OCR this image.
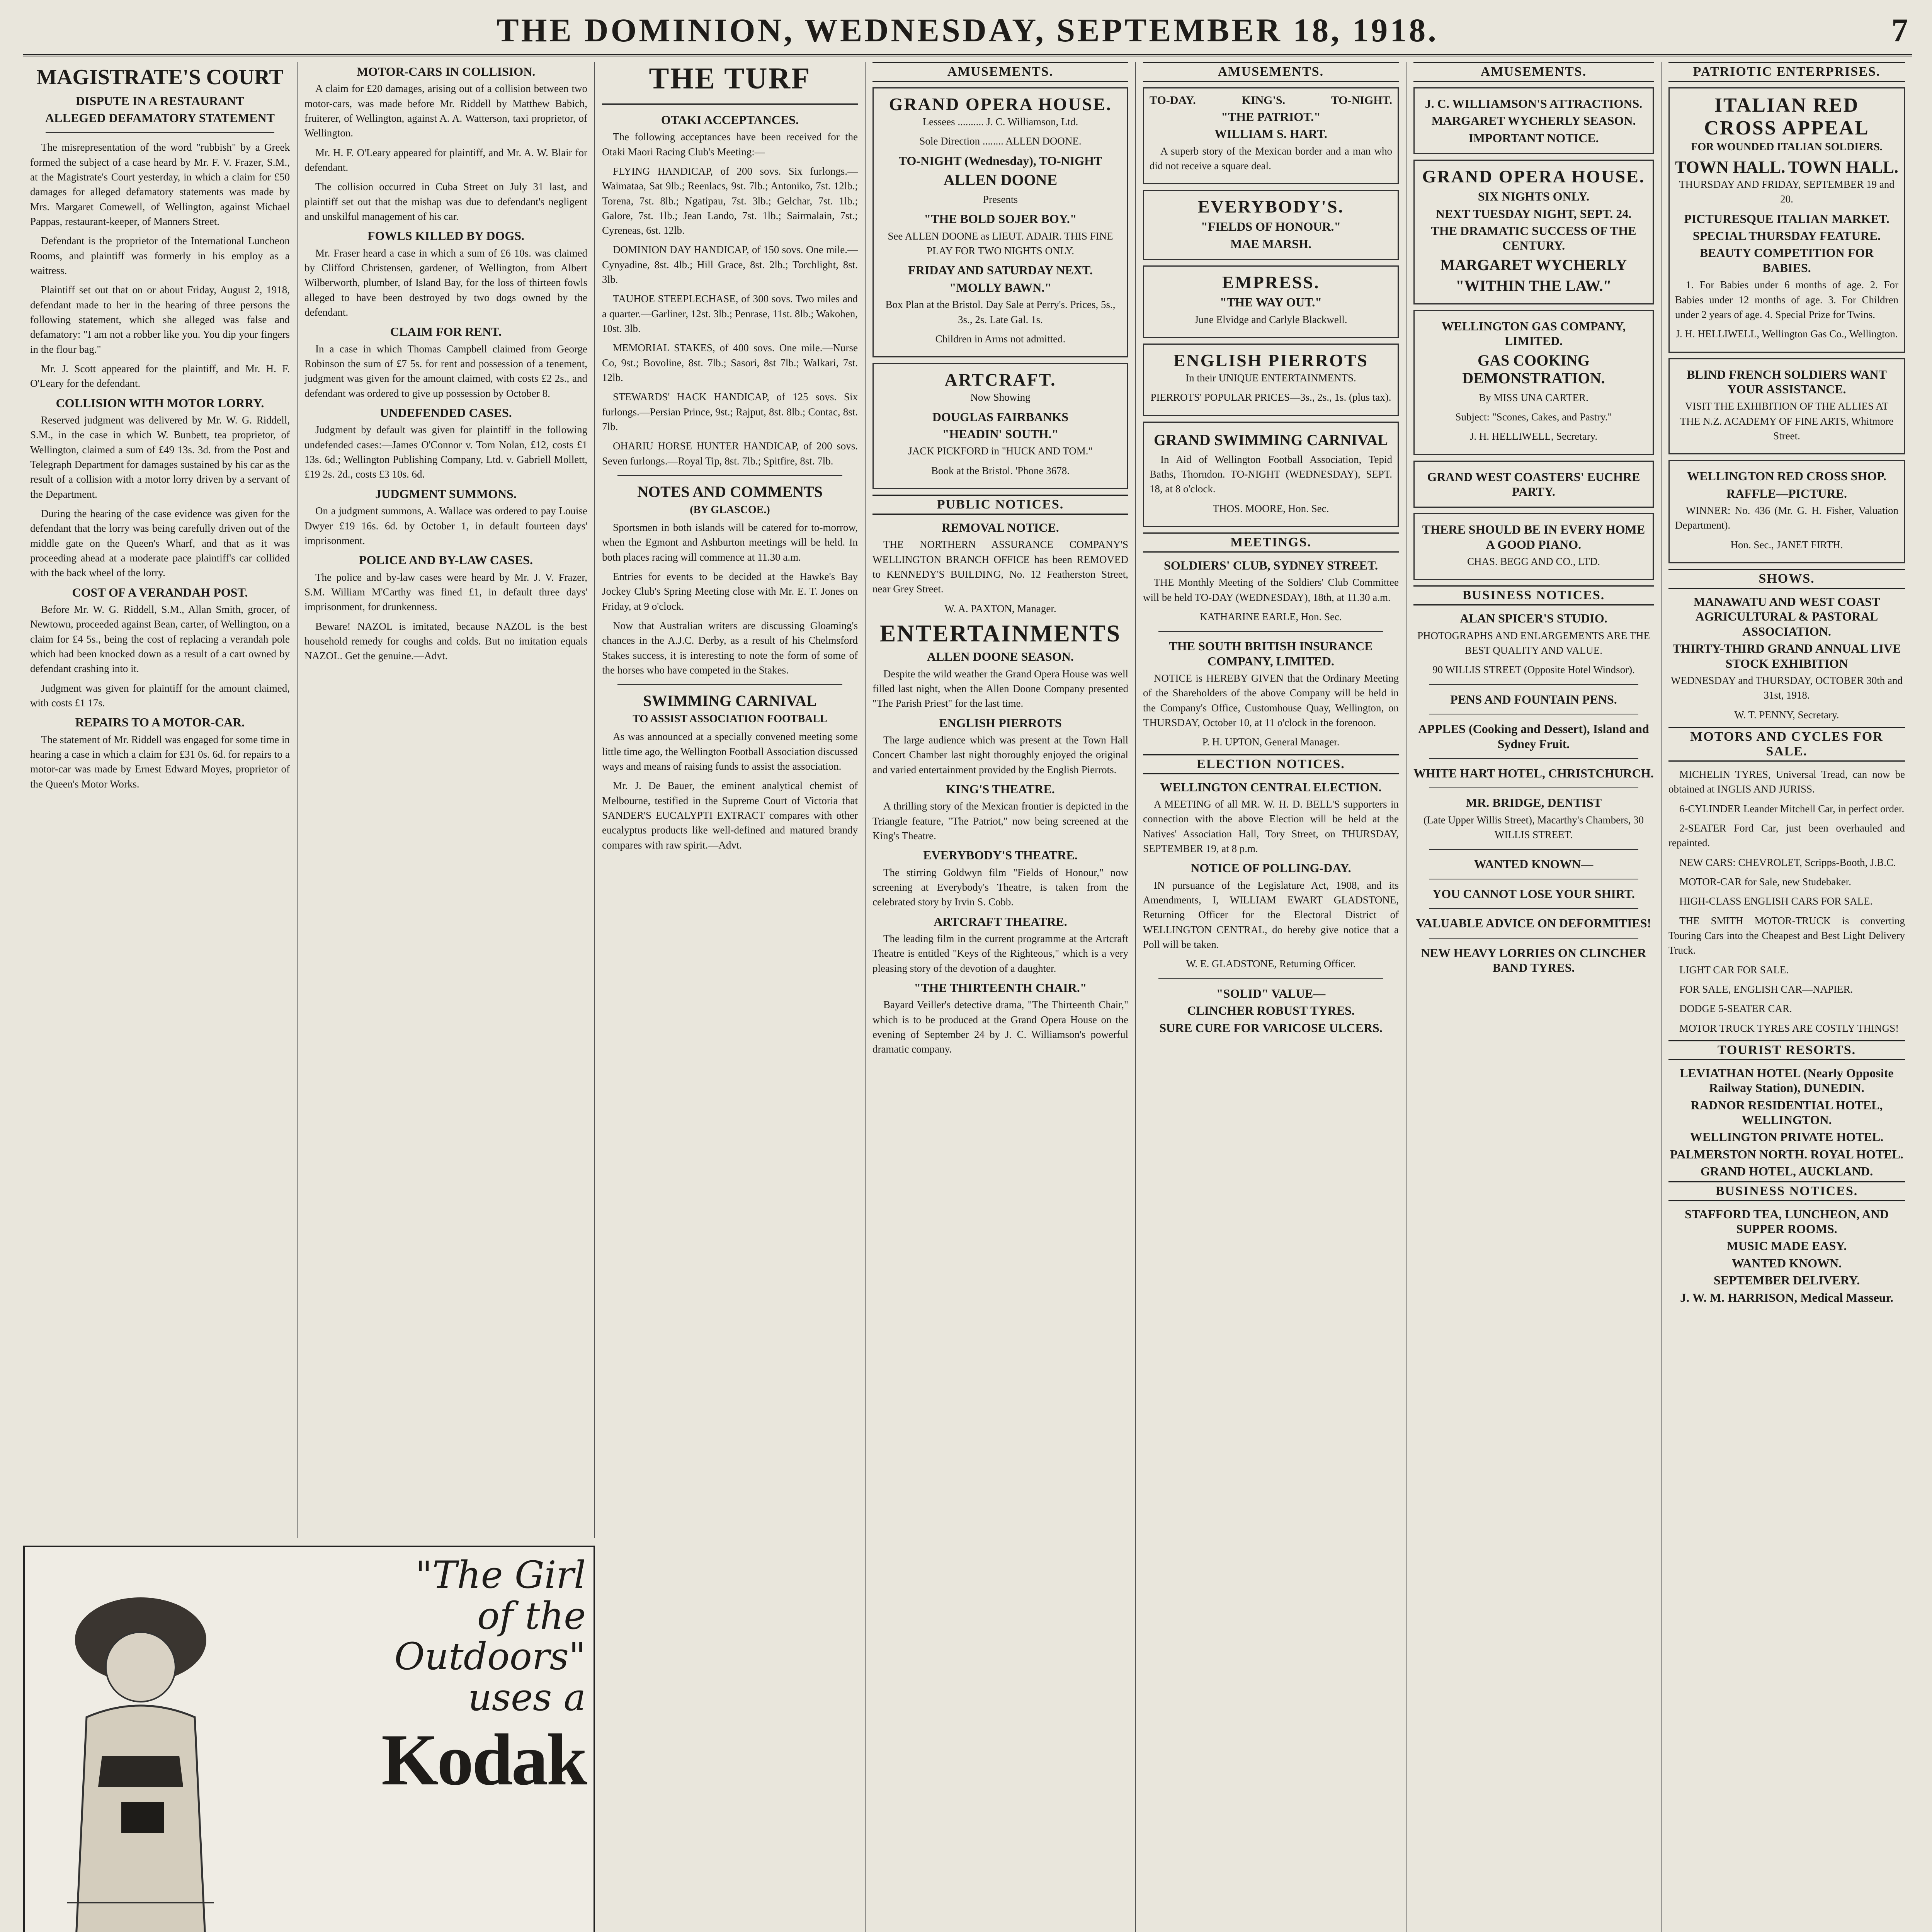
THE DOMINION, WEDNESDAY, SEPTEMBER 18, 1918.	7
MAGISTRATE'S COURT
DISPUTE IN A RESTAURANT
ALLEGED DEFAMATORY STATEMENT

The misrepresentation of the word "rubbish" by a Greek formed the subject of a case heard by Mr. F. V. Frazer, S.M., at the Magistrate's Court yesterday, in which a claim for £50 damages for alleged defamatory statements was made by Mrs. Margaret Comewell, of Wellington, against Michael Pappas, restaurant-keeper, of Manners Street.

Defendant is the proprietor of the International Luncheon Rooms, and plaintiff was formerly in his employ as a waitress.

Plaintiff set out that on or about Friday, August 2, 1918, defendant made to her in the hearing of three persons the following statement, which she alleged was false and defamatory: "I am not a robber like you. You dip your fingers in the flour bag."

Mr. J. Scott appeared for the plaintiff, and Mr. H. F. O'Leary for the defendant.

COLLISION WITH MOTOR LORRY.

Reserved judgment was delivered by Mr. W. G. Riddell, S.M., in the case in which W. Bunbett, tea proprietor, of Wellington, claimed a sum of £49 13s. 3d. from the Post and Telegraph Department for damages sustained by his car as the result of a collision with a motor lorry driven by a servant of the Department.

During the hearing of the case evidence was given for the defendant that the lorry was being carefully driven out of the middle gate on the Queen's Wharf, and that as it was proceeding ahead at a moderate pace plaintiff's car collided with the back wheel of the lorry.

COST OF A VERANDAH POST.

Before Mr. W. G. Riddell, S.M., Allan Smith, grocer, of Newtown, proceeded against Bean, carter, of Wellington, on a claim for £4 5s., being the cost of replacing a verandah pole which had been knocked down as a result of a cart owned by defendant crashing into it.

Judgment was given for plaintiff for the amount claimed, with costs £1 17s.

REPAIRS TO A MOTOR-CAR.

The statement of Mr. Riddell was engaged for some time in hearing a case in which a claim for £31 0s. 6d. for repairs to a motor-car was made by Ernest Edward Moyes, proprietor of the Queen's Motor Works.

"The Girl
of the
Outdoors"
uses a
Kodak

MOTOR-CARS IN COLLISION.

A claim for £20 damages, arising out of a collision between two motor-cars, was made before Mr. Riddell by Matthew Babich, fruiterer, of Wellington, against A. A. Watterson, taxi proprietor, of Wellington.

Mr. H. F. O'Leary appeared for plaintiff, and Mr. A. W. Blair for defendant.

The collision occurred in Cuba Street on July 31 last, and plaintiff set out that the mishap was due to defendant's negligent and unskilful management of his car.

FOWLS KILLED BY DOGS.

Mr. Fraser heard a case in which a sum of £6 10s. was claimed by Clifford Christensen, gardener, of Wellington, from Albert Wilberworth, plumber, of Island Bay, for the loss of thirteen fowls alleged to have been destroyed by two dogs owned by the defendant.

CLAIM FOR RENT.

In a case in which Thomas Campbell claimed from George Robinson the sum of £7 5s. for rent and possession of a tenement, judgment was given for the amount claimed, with costs £2 2s., and defendant was ordered to give up possession by October 8.

UNDEFENDED CASES.

Judgment by default was given for plaintiff in the following undefended cases:—James O'Connor v. Tom Nolan, £12, costs £1 13s. 6d.; Wellington Publishing Company, Ltd. v. Gabriell Mollett, £19 2s. 2d., costs £3 10s. 6d.

JUDGMENT SUMMONS.

On a judgment summons, A. Wallace was ordered to pay Louise Dwyer £19 16s. 6d. by October 1, in default fourteen days' imprisonment.

POLICE AND BY-LAW CASES.

The police and by-law cases were heard by Mr. J. V. Frazer, S.M. William M'Carthy was fined £1, in default three days' imprisonment, for drunkenness.

Beware! NAZOL is imitated, because NAZOL is the best household remedy for coughs and colds. But no imitation equals NAZOL. Get the genuine.—Advt.

THE TURF
OTAKI ACCEPTANCES.

The following acceptances have been received for the Otaki Maori Racing Club's Meeting:—

FLYING HANDICAP, of 200 sovs. Six furlongs.—Waimataa, Sat 9lb.; Reenlacs, 9st. 7lb.; Antoniko, 7st. 12lb.; Torena, 7st. 8lb.; Ngatipau, 7st. 3lb.; Gelchar, 7st. 1lb.; Galore, 7st. 1lb.; Jean Lando, 7st. 1lb.; Sairmalain, 7st.; Cyreneas, 6st. 12lb.

DOMINION DAY HANDICAP, of 150 sovs. One mile.—Cynyadine, 8st. 4lb.; Hill Grace, 8st. 2lb.; Torchlight, 8st. 3lb.

TAUHOE STEEPLECHASE, of 300 sovs. Two miles and a quarter.—Garliner, 12st. 3lb.; Penrase, 11st. 8lb.; Wakohen, 10st. 3lb.

MEMORIAL STAKES, of 400 sovs. One mile.—Nurse Co, 9st.; Bovoline, 8st. 7lb.; Sasori, 8st 7lb.; Walkari, 7st. 12lb.

STEWARDS' HACK HANDICAP, of 125 sovs. Six furlongs.—Persian Prince, 9st.; Rajput, 8st. 8lb.; Contac, 8st. 7lb.

OHARIU HORSE HUNTER HANDICAP, of 200 sovs. Seven furlongs.—Royal Tip, 8st. 7lb.; Spitfire, 8st. 7lb.

NOTES AND COMMENTS
(BY GLASCOE.)

Sportsmen in both islands will be catered for to-morrow, when the Egmont and Ashburton meetings will be held. In both places racing will commence at 11.30 a.m.

Entries for events to be decided at the Hawke's Bay Jockey Club's Spring Meeting close with Mr. E. T. Jones on Friday, at 9 o'clock.

Now that Australian writers are discussing Gloaming's chances in the A.J.C. Derby, as a result of his Chelmsford Stakes success, it is interesting to note the form of some of the horses who have competed in the Stakes.

SWIMMING CARNIVAL
TO ASSIST ASSOCIATION FOOTBALL

As was announced at a specially convened meeting some little time ago, the Wellington Football Association discussed ways and means of raising funds to assist the association.

Mr. J. De Bauer, the eminent analytical chemist of Melbourne, testified in the Supreme Court of Victoria that SANDER'S EUCALYPTI EXTRACT compares with other eucalyptus products like well-defined and matured brandy compares with raw spirit.—Advt.

AMUSEMENTS.
GRAND OPERA HOUSE.

Lessees .......... J. C. Williamson, Ltd.

Sole Direction ........ ALLEN DOONE.

TO-NIGHT (Wednesday), TO-NIGHT
ALLEN DOONE

Presents

"THE BOLD SOJER BOY."

See ALLEN DOONE as LIEUT. ADAIR. THIS FINE PLAY FOR TWO NIGHTS ONLY.

FRIDAY AND SATURDAY NEXT.
"MOLLY BAWN."

Box Plan at the Bristol. Day Sale at Perry's. Prices, 5s., 3s., 2s. Late Gal. 1s.

Children in Arms not admitted.

ARTCRAFT.

Now Showing

DOUGLAS FAIRBANKS
"HEADIN' SOUTH."

JACK PICKFORD in "HUCK AND TOM."

Book at the Bristol. 'Phone 3678.

PUBLIC NOTICES.
REMOVAL NOTICE.

THE NORTHERN ASSURANCE COMPANY'S WELLINGTON BRANCH OFFICE has been REMOVED to KENNEDY'S BUILDING, No. 12 Featherston Street, near Grey Street.

W. A. PAXTON, Manager.

ENTERTAINMENTS
ALLEN DOONE SEASON.

Despite the wild weather the Grand Opera House was well filled last night, when the Allen Doone Company presented "The Parish Priest" for the last time.

ENGLISH PIERROTS

The large audience which was present at the Town Hall Concert Chamber last night thoroughly enjoyed the original and varied entertainment provided by the English Pierrots.

KING'S THEATRE.

A thrilling story of the Mexican frontier is depicted in the Triangle feature, "The Patriot," now being screened at the King's Theatre.

EVERYBODY'S THEATRE.

The stirring Goldwyn film "Fields of Honour," now screening at Everybody's Theatre, is taken from the celebrated story by Irvin S. Cobb.

ARTCRAFT THEATRE.

The leading film in the current programme at the Artcraft Theatre is entitled "Keys of the Righteous," which is a very pleasing story of the devotion of a daughter.

"THE THIRTEENTH CHAIR."

Bayard Veiller's detective drama, "The Thirteenth Chair," which is to be produced at the Grand Opera House on the evening of September 24 by J. C. Williamson's powerful dramatic company.

AMUSEMENTS.
TO-DAY.	KING'S.	TO-NIGHT.
"THE PATRIOT."
WILLIAM S. HART.

A superb story of the Mexican border and a man who did not receive a square deal.

EVERYBODY'S.
"FIELDS OF HONOUR."
MAE MARSH.
EMPRESS.
"THE WAY OUT."

June Elvidge and Carlyle Blackwell.

ENGLISH PIERROTS

In their UNIQUE ENTERTAINMENTS.

PIERROTS' POPULAR PRICES—3s., 2s., 1s. (plus tax).

GRAND SWIMMING CARNIVAL

In Aid of Wellington Football Association, Tepid Baths, Thorndon. TO-NIGHT (WEDNESDAY), SEPT. 18, at 8 o'clock.

THOS. MOORE, Hon. Sec.

MEETINGS.
SOLDIERS' CLUB, SYDNEY STREET.

THE Monthly Meeting of the Soldiers' Club Committee will be held TO-DAY (WEDNESDAY), 18th, at 11.30 a.m.

KATHARINE EARLE, Hon. Sec.

THE SOUTH BRITISH INSURANCE COMPANY, LIMITED.

NOTICE is HEREBY GIVEN that the Ordinary Meeting of the Shareholders of the above Company will be held in the Company's Office, Customhouse Quay, Wellington, on THURSDAY, October 10, at 11 o'clock in the forenoon.

P. H. UPTON, General Manager.

ELECTION NOTICES.
WELLINGTON CENTRAL ELECTION.

A MEETING of all MR. W. H. D. BELL'S supporters in connection with the above Election will be held at the Natives' Association Hall, Tory Street, on THURSDAY, SEPTEMBER 19, at 8 p.m.

NOTICE OF POLLING-DAY.

IN pursuance of the Legislature Act, 1908, and its Amendments, I, WILLIAM EWART GLADSTONE, Returning Officer for the Electoral District of WELLINGTON CENTRAL, do hereby give notice that a Poll will be taken.

W. E. GLADSTONE, Returning Officer.

"SOLID" VALUE—
CLINCHER ROBUST TYRES.
SURE CURE FOR VARICOSE ULCERS.
AMUSEMENTS.
J. C. WILLIAMSON'S ATTRACTIONS.
MARGARET WYCHERLY SEASON.
IMPORTANT NOTICE.
GRAND OPERA HOUSE.
SIX NIGHTS ONLY.
NEXT TUESDAY NIGHT, SEPT. 24.
THE DRAMATIC SUCCESS OF THE CENTURY.
MARGARET WYCHERLY
"WITHIN THE LAW."
WELLINGTON GAS COMPANY, LIMITED.
GAS COOKING DEMONSTRATION.

By MISS UNA CARTER.

Subject: "Scones, Cakes, and Pastry."

J. H. HELLIWELL, Secretary.

GRAND WEST COASTERS' EUCHRE PARTY.
THERE SHOULD BE IN EVERY HOME A GOOD PIANO.

CHAS. BEGG AND CO., LTD.

BUSINESS NOTICES.
ALAN SPICER'S STUDIO.

PHOTOGRAPHS AND ENLARGEMENTS ARE THE BEST QUALITY AND VALUE.

90 WILLIS STREET (Opposite Hotel Windsor).

PENS AND FOUNTAIN PENS.
APPLES (Cooking and Dessert), Island and Sydney Fruit.
WHITE HART HOTEL, CHRISTCHURCH.
MR. BRIDGE, DENTIST

(Late Upper Willis Street), Macarthy's Chambers, 30 WILLIS STREET.

WANTED KNOWN—
YOU CANNOT LOSE YOUR SHIRT.
VALUABLE ADVICE ON DEFORMITIES!
NEW HEAVY LORRIES ON CLINCHER BAND TYRES.
PATRIOTIC ENTERPRISES.
ITALIAN RED CROSS APPEAL
FOR WOUNDED ITALIAN SOLDIERS.
TOWN HALL. TOWN HALL.

THURSDAY AND FRIDAY, SEPTEMBER 19 and 20.

PICTURESQUE ITALIAN MARKET.
SPECIAL THURSDAY FEATURE.
BEAUTY COMPETITION FOR BABIES.

1. For Babies under 6 months of age. 2. For Babies under 12 months of age. 3. For Children under 2 years of age. 4. Special Prize for Twins.

J. H. HELLIWELL, Wellington Gas Co., Wellington.

BLIND FRENCH SOLDIERS WANT YOUR ASSISTANCE.

VISIT THE EXHIBITION OF THE ALLIES AT THE N.Z. ACADEMY OF FINE ARTS, Whitmore Street.

WELLINGTON RED CROSS SHOP.
RAFFLE—PICTURE.

WINNER: No. 436 (Mr. G. H. Fisher, Valuation Department).

Hon. Sec., JANET FIRTH.

SHOWS.
MANAWATU AND WEST COAST AGRICULTURAL & PASTORAL ASSOCIATION.
THIRTY-THIRD GRAND ANNUAL LIVE STOCK EXHIBITION

WEDNESDAY and THURSDAY, OCTOBER 30th and 31st, 1918.

W. T. PENNY, Secretary.

MOTORS AND CYCLES FOR SALE.

MICHELIN TYRES, Universal Tread, can now be obtained at INGLIS AND JURISS.

6-CYLINDER Leander Mitchell Car, in perfect order.

2-SEATER Ford Car, just been overhauled and repainted.

NEW CARS: CHEVROLET, Scripps-Booth, J.B.C.

MOTOR-CAR for Sale, new Studebaker.

HIGH-CLASS ENGLISH CARS FOR SALE.

THE SMITH MOTOR-TRUCK is converting Touring Cars into the Cheapest and Best Light Delivery Truck.

LIGHT CAR FOR SALE.

FOR SALE, ENGLISH CAR—NAPIER.

DODGE 5-SEATER CAR.

MOTOR TRUCK TYRES ARE COSTLY THINGS!

TOURIST RESORTS.
LEVIATHAN HOTEL (Nearly Opposite Railway Station), DUNEDIN.
RADNOR RESIDENTIAL HOTEL, WELLINGTON.
WELLINGTON PRIVATE HOTEL.
PALMERSTON NORTH. ROYAL HOTEL.
GRAND HOTEL, AUCKLAND.
BUSINESS NOTICES.
STAFFORD TEA, LUNCHEON, AND SUPPER ROOMS.
MUSIC MADE EASY.
WANTED KNOWN.
SEPTEMBER DELIVERY.
J. W. M. HARRISON, Medical Masseur.
